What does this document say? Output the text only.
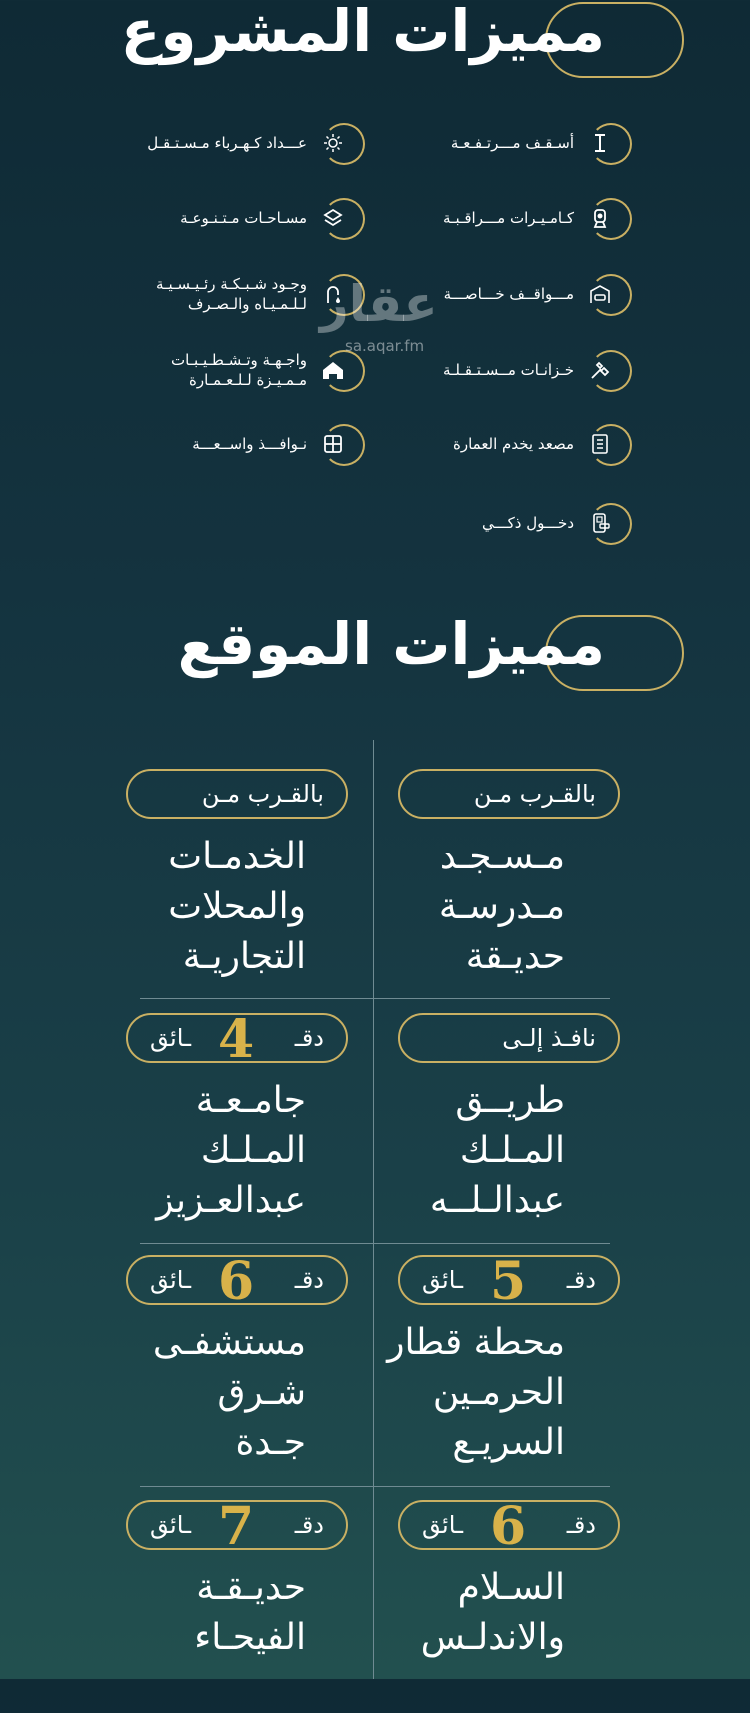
مميزات المشروع
أسـقـف مـــرتـفـعـة
عـــداد كـهـرباء مـسـتـقـل
كـامـيـرات مـــراقـبـة
مسـاحـات مـتـنـوعـة
مـــواقــف خـــاصـــة
وجـود شـبـكـة رئـيـسـيـة
لـلـمـيـاه والـصـرف
خـزانـات مــسـتـقـلـة
واجـهـة وتـشـطـيـبـات
مـمـيـزة لـلـعـمـارة
مصعد يخدم العمارة
نـوافـــذ واســعـــة
دخـــول ذكـــي
عقار
sa.aqar.fm
مميزات الموقع
بالقـرب مـن
مـسـجـد
مـدرسـة
حديـقة
بالقـرب مـن
الخدمـات
والمحلات
التجاريـة
نافـذ إلـى
طريــق
المـلـك
عبدالـلــه
دقـ
4
ـائق
جامـعـة
المـلـك
عبدالعـزيز
دقـ
5
ـائق
محطة قطار
الحرمـين
السريـع
دقـ
6
ـائق
مستشفـى
شـرق
جـدة
دقـ
6
ـائق
السـلام
والاندلـس
دقـ
7
ـائق
حديـقـة
الفيحـاء
